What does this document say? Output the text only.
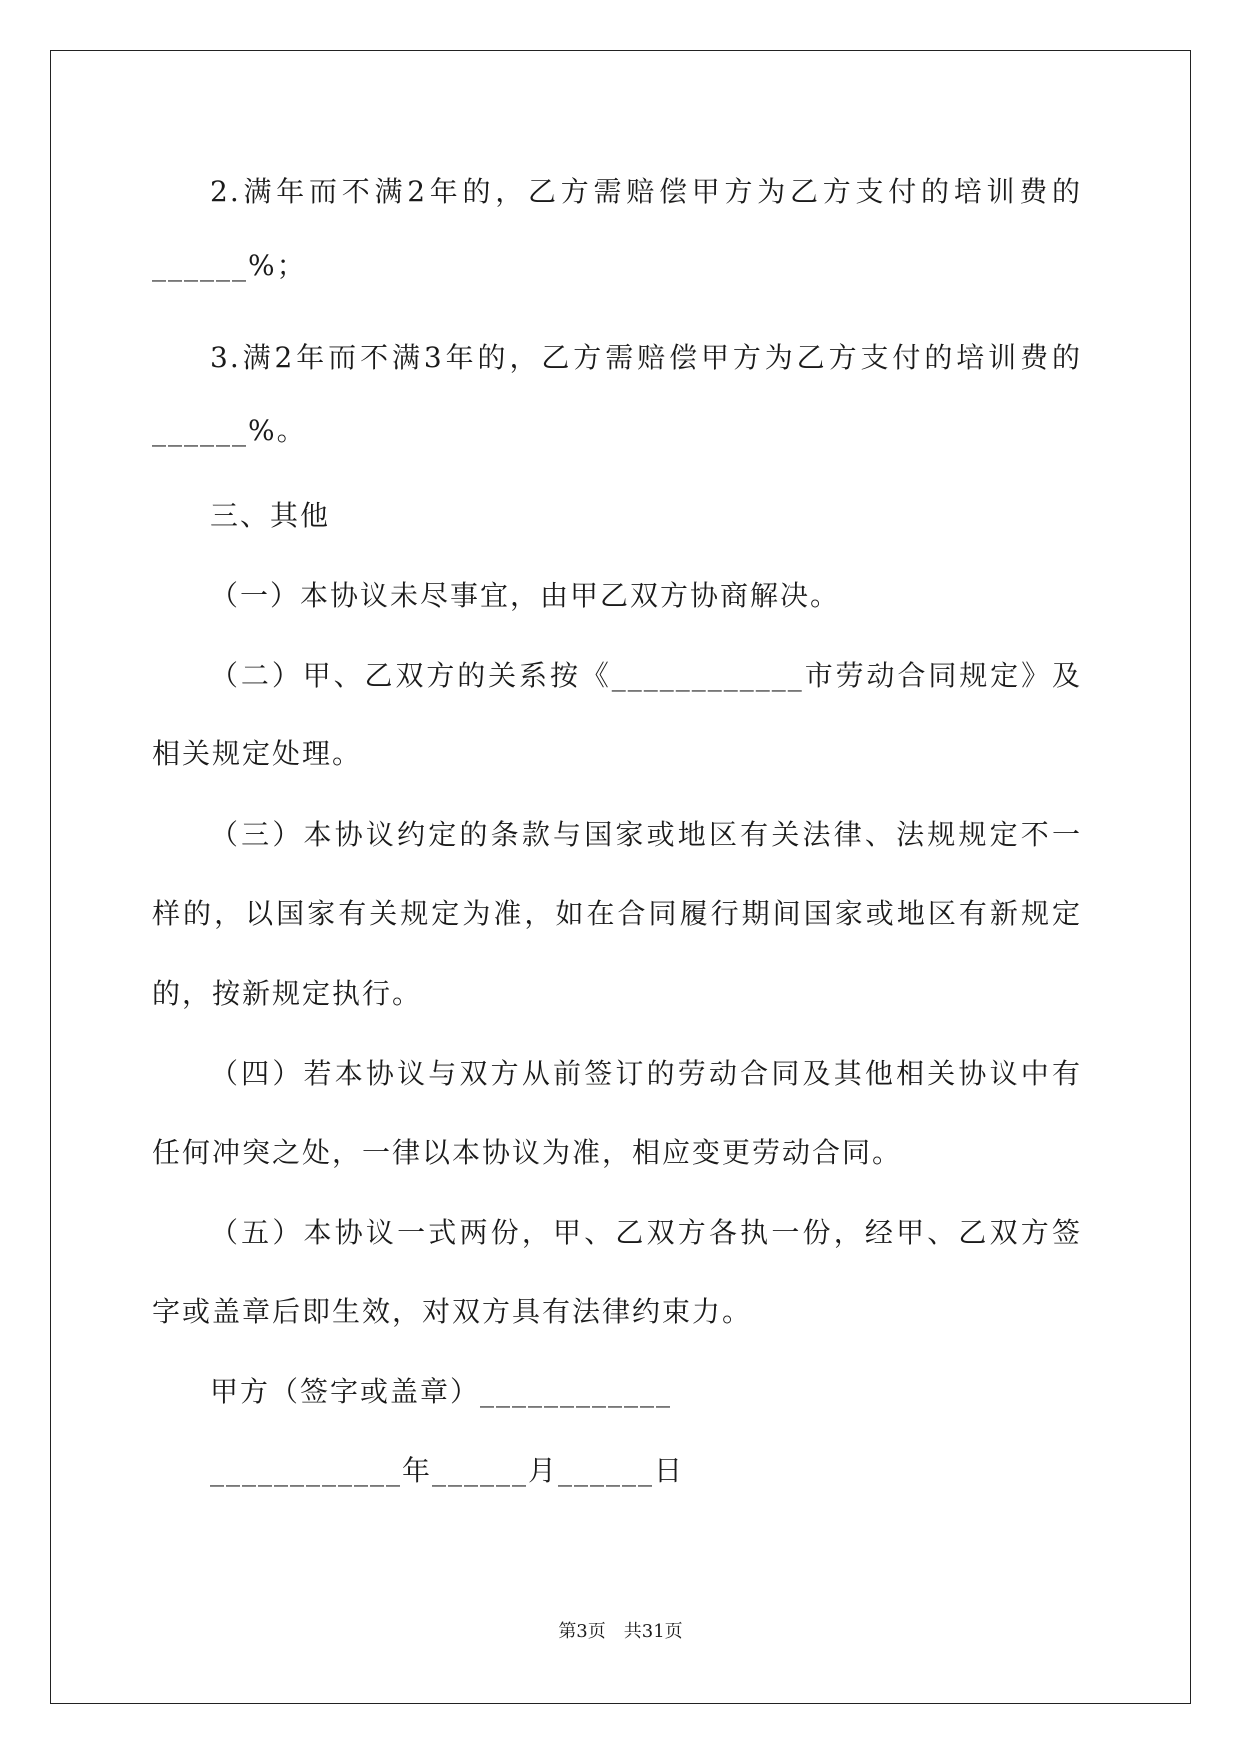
2.满年而不满2年的，乙方需赔偿甲方为乙方支付的培训费的
______%；
3.满2年而不满3年的，乙方需赔偿甲方为乙方支付的培训费的
______%。
三、其他
（一）本协议未尽事宜，由甲乙双方协商解决。
（二）甲、乙双方的关系按《____________市劳动合同规定》及
相关规定处理。
（三）本协议约定的条款与国家或地区有关法律、法规规定不一
样的，以国家有关规定为准，如在合同履行期间国家或地区有新规定
的，按新规定执行。
（四）若本协议与双方从前签订的劳动合同及其他相关协议中有
任何冲突之处，一律以本协议为准，相应变更劳动合同。
（五）本协议一式两份，甲、乙双方各执一份，经甲、乙双方签
字或盖章后即生效，对双方具有法律约束力。
甲方（签字或盖章）____________
____________年______月______日
第3页　共31页
